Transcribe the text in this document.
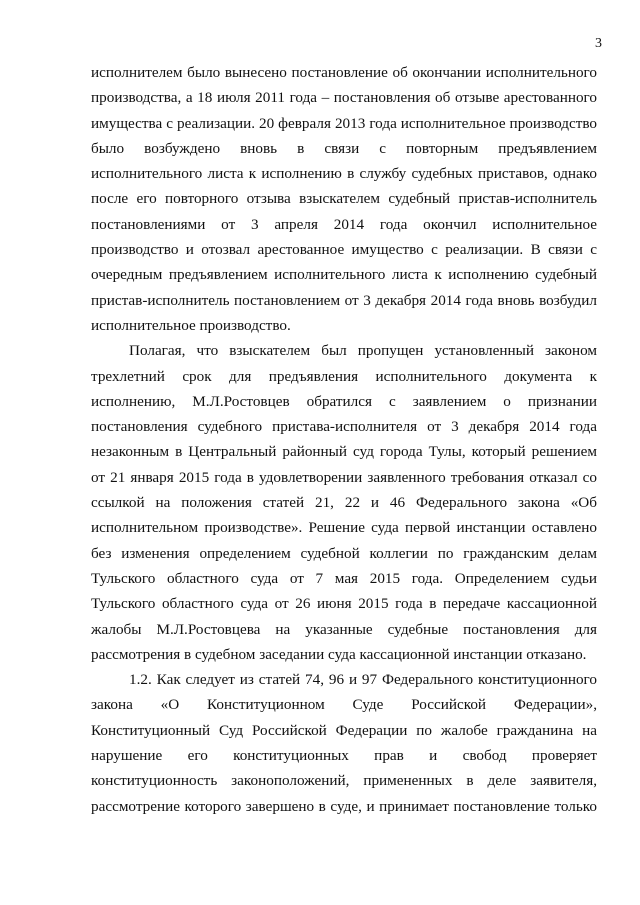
3
исполнителем было вынесено постановление об окончании исполнительного
производства, а 18 июля 2011 года – постановления об отзыве арестованного
имущества с реализации. 20 февраля 2013 года исполнительное производство
было возбуждено вновь в связи с повторным предъявлением
исполнительного листа к исполнению в службу судебных приставов, однако
после его повторного отзыва взыскателем судебный пристав-исполнитель
постановлениями от 3 апреля 2014 года окончил исполнительное
производство и отозвал арестованное имущество с реализации. В связи с
очередным предъявлением исполнительного листа к исполнению судебный
пристав-исполнитель постановлением от 3 декабря 2014 года вновь возбудил
исполнительное производство.
Полагая, что взыскателем был пропущен установленный законом
трехлетний срок для предъявления исполнительного документа к
исполнению, М.Л.Ростовцев обратился с заявлением о признании
постановления судебного пристава-исполнителя от 3 декабря 2014 года
незаконным в Центральный районный суд города Тулы, который решением
от 21 января 2015 года в удовлетворении заявленного требования отказал со
ссылкой на положения статей 21, 22 и 46 Федерального закона «Об
исполнительном производстве». Решение суда первой инстанции оставлено
без изменения определением судебной коллегии по гражданским делам
Тульского областного суда от 7 мая 2015 года. Определением судьи
Тульского областного суда от 26 июня 2015 года в передаче кассационной
жалобы М.Л.Ростовцева на указанные судебные постановления для
рассмотрения в судебном заседании суда кассационной инстанции отказано.
1.2. Как следует из статей 74, 96 и 97 Федерального конституционного
закона «О Конституционном Суде Российской Федерации»,
Конституционный Суд Российской Федерации по жалобе гражданина на
нарушение его конституционных прав и свобод проверяет
конституционность законоположений, примененных в деле заявителя,
рассмотрение которого завершено в суде, и принимает постановление только
